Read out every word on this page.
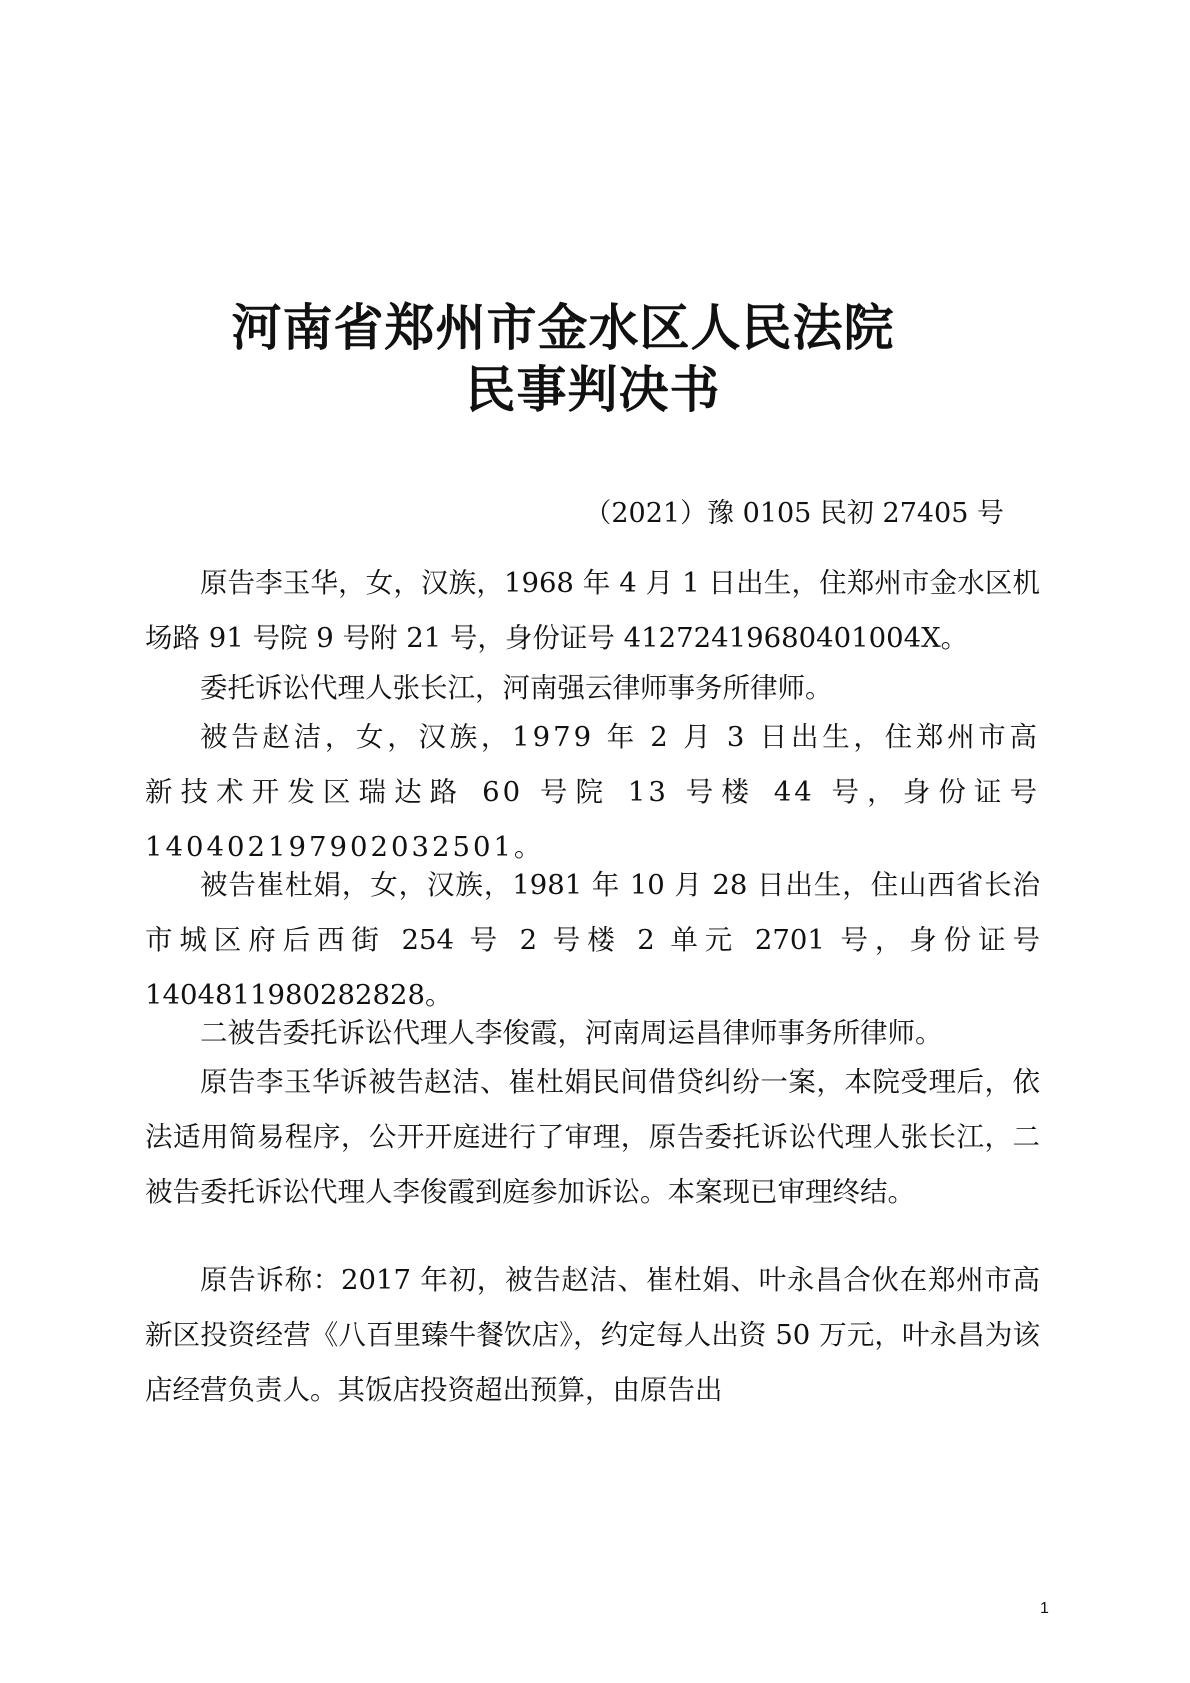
河南省郑州市金水区人民法院
民事判决书
（2021）豫 0105 民初 27405 号
原告李玉华，女，汉族，1968 年 4 月 1 日出生，住郑州市金水区机场路 91 号院 9 号附 21 号，身份证号 41272419680401004X。
委托诉讼代理人张长江，河南强云律师事务所律师。
被告赵洁，女，汉族，1979 年 2 月 3 日出生，住郑州市高新技术开发区瑞达路 60 号院 13 号楼 44 号，身份证号 140402197902032501。
被告崔杜娟，女，汉族，1981 年 10 月 28 日出生，住山西省长治市城区府后西街 254 号 2 号楼 2 单元 2701 号，身份证号 1404811980282828。
二被告委托诉讼代理人李俊霞，河南周运昌律师事务所律师。
原告李玉华诉被告赵洁、崔杜娟民间借贷纠纷一案，本院受理后，依法适用简易程序，公开开庭进行了审理，原告委托诉讼代理人张长江，二被告委托诉讼代理人李俊霞到庭参加诉讼。本案现已审理终结。
原告诉称：2017 年初，被告赵洁、崔杜娟、叶永昌合伙在郑州市高新区投资经营《八百里臻牛餐饮店》，约定每人出资 50 万元，叶永昌为该店经营负责人。其饭店投资超出预算，由原告出
1
